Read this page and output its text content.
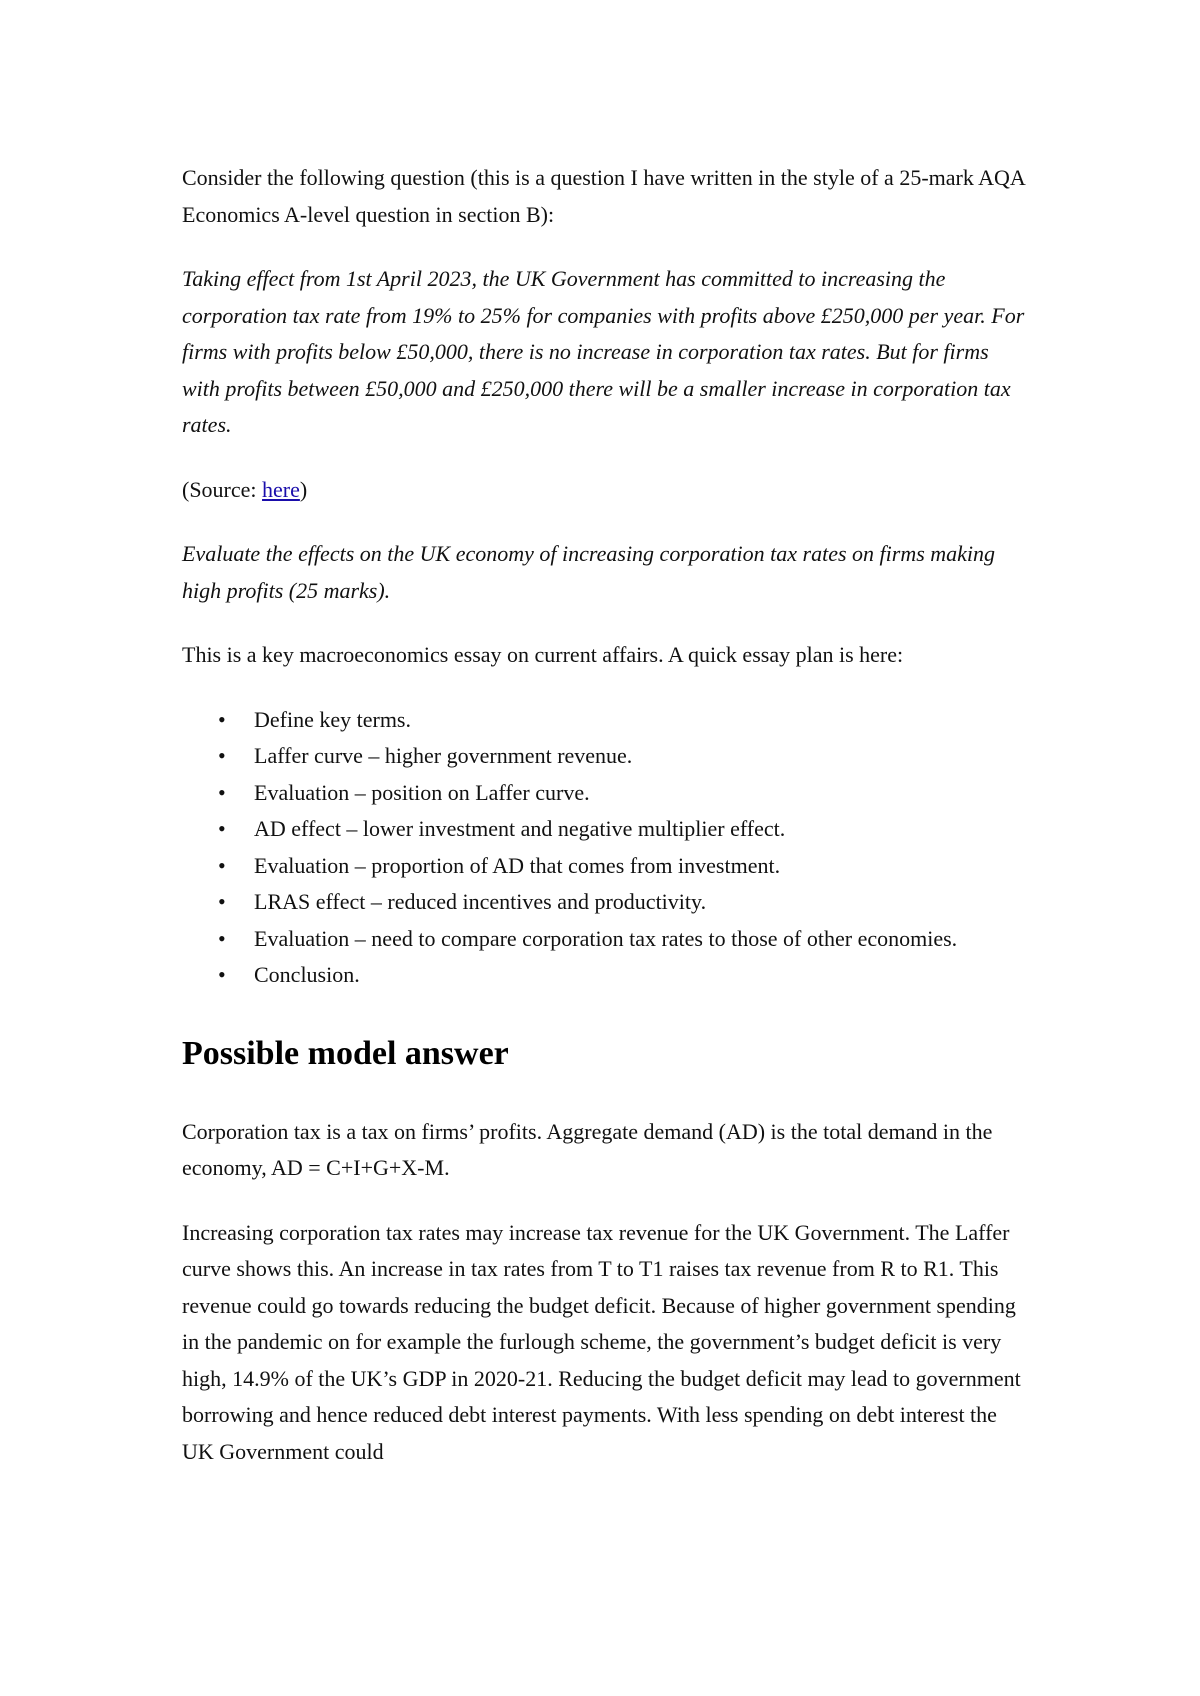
Consider the following question (this is a question I have written in the style of a 25-mark AQA Economics A-level question in section B):

Taking effect from 1st April 2023, the UK Government has committed to increasing the corporation tax rate from 19% to 25% for companies with profits above £250,000 per year. For firms with profits below £50,000, there is no increase in corporation tax rates. But for firms with profits between £50,000 and £250,000 there will be a smaller increase in corporation tax rates.

(Source: here)

Evaluate the effects on the UK economy of increasing corporation tax rates on firms making high profits (25 marks).

This is a key macroeconomics essay on current affairs. A quick essay plan is here:

• Define key terms.
• Laffer curve – higher government revenue.
• Evaluation – position on Laffer curve.
• AD effect – lower investment and negative multiplier effect.
• Evaluation – proportion of AD that comes from investment.
• LRAS effect – reduced incentives and productivity.
• Evaluation – need to compare corporation tax rates to those of other economies.
• Conclusion.
Possible model answer

Corporation tax is a tax on firms’ profits. Aggregate demand (AD) is the total demand in the economy, AD = C+I+G+X-M.

Increasing corporation tax rates may increase tax revenue for the UK Government. The Laffer curve shows this. An increase in tax rates from T to T1 raises tax revenue from R to R1. This revenue could go towards reducing the budget deficit. Because of higher government spending in the pandemic on for example the furlough scheme, the government’s budget deficit is very high, 14.9% of the UK’s GDP in 2020-21. Reducing the budget deficit may lead to government borrowing and hence reduced debt interest payments. With less spending on debt interest the UK Government could
